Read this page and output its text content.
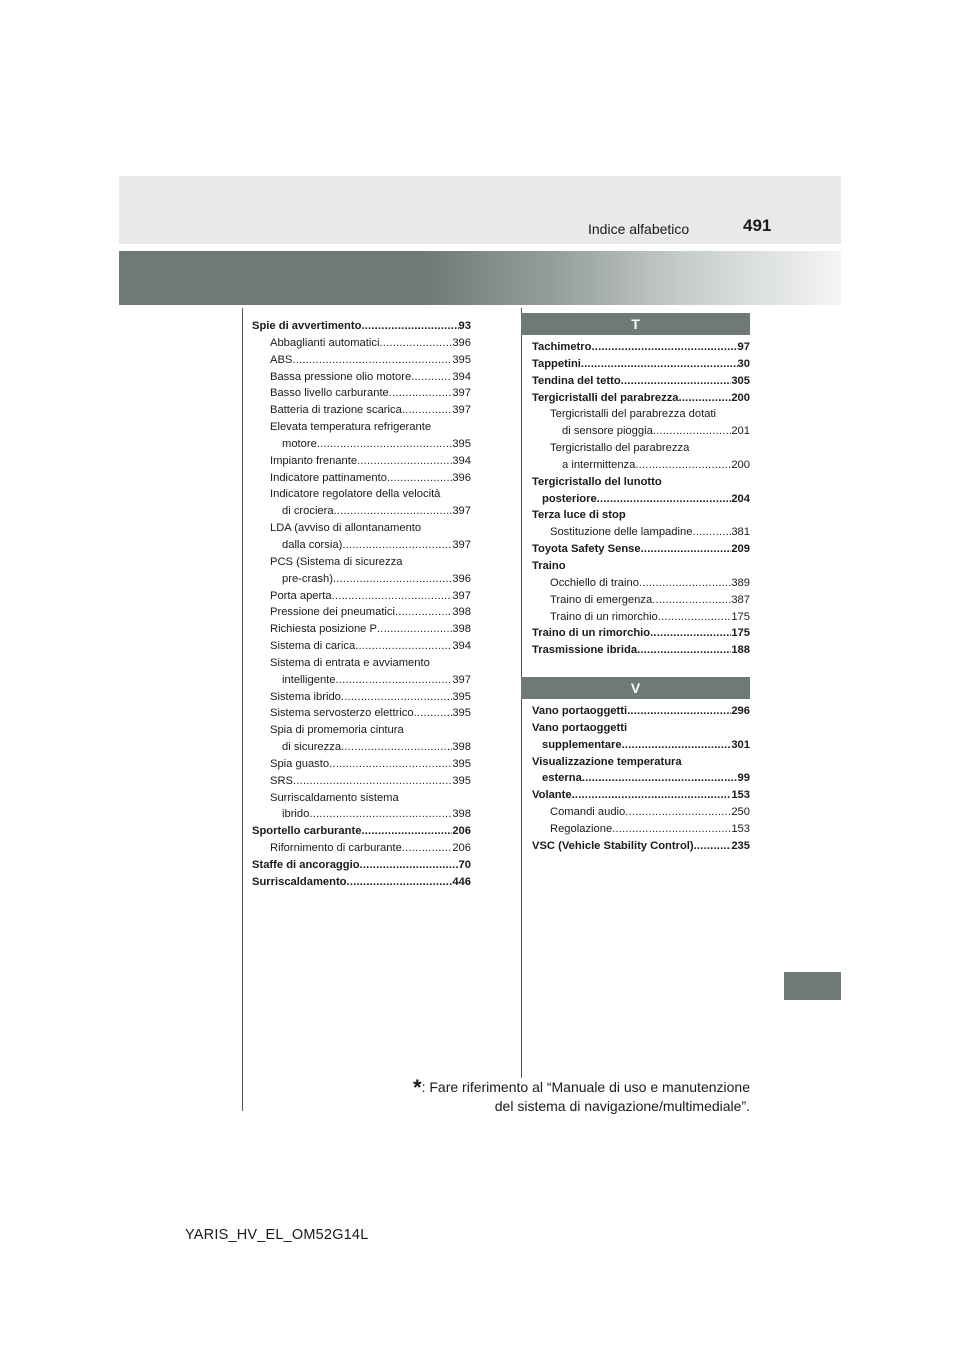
Indice alfabetico	491
Spie di avvertimento .....	93
Abbaglianti automatici .....	396
ABS .....	395
Bassa pressione olio motore .....	394
Basso livello carburante .....	397
Batteria di trazione scarica .....	397
Elevata temperatura refrigerante
motore .....	395
Impianto frenante .....	394
Indicatore pattinamento .....	396
Indicatore regolatore della velocità
di crociera .....	397
LDA (avviso di allontanamento
dalla corsia) .....	397
PCS (Sistema di sicurezza
pre-crash) .....	396
Porta aperta .....	397
Pressione dei pneumatici .....	398
Richiesta posizione P .....	398
Sistema di carica .....	394
Sistema di entrata e avviamento
intelligente .....	397
Sistema ibrido .....	395
Sistema servosterzo elettrico .....	395
Spia di promemoria cintura
di sicurezza .....	398
Spia guasto .....	395
SRS .....	395
Surriscaldamento sistema
ibrido .....	398
Sportello carburante .....	206
Rifornimento di carburante .....	206
Staffe di ancoraggio .....	70
Surriscaldamento .....	446
T
Tachimetro .....	97
Tappetini .....	30
Tendina del tetto .....	305
Tergicristalli del parabrezza .....	200
Tergicristalli del parabrezza dotati
di sensore pioggia .....	201
Tergicristallo del parabrezza
a intermittenza .....	200
Tergicristallo del lunotto
posteriore .....	204
Terza luce di stop
Sostituzione delle lampadine .....	381
Toyota Safety Sense .....	209
Traino
Occhiello di traino .....	389
Traino di emergenza .....	387
Traino di un rimorchio .....	175
Traino di un rimorchio .....	175
Trasmissione ibrida .....	188
V
Vano portaoggetti .....	296
Vano portaoggetti
supplementare .....	301
Visualizzazione temperatura
esterna .....	99
Volante .....	153
Comandi audio .....	250
Regolazione .....	153
VSC (Vehicle Stability Control) .....	235
*: Fare riferimento al “Manuale di uso e manutenzione
del sistema di navigazione/multimediale”.
YARIS_HV_EL_OM52G14L
